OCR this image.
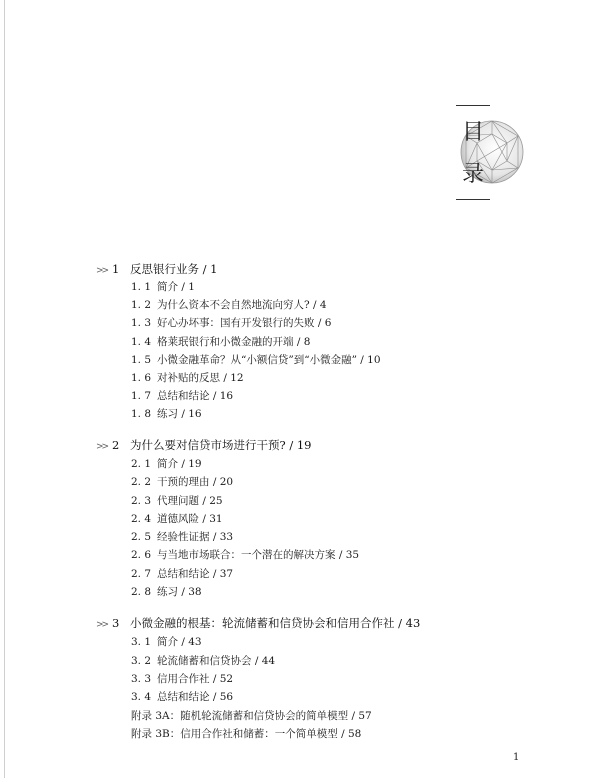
目
录
>> 1 反思银行业务 / 1
1. 1 简介 / 1
1. 2 为什么资本不会自然地流向穷人? / 4
1. 3 好心办坏事：国有开发银行的失败 / 6
1. 4 格莱珉银行和小微金融的开端 / 8
1. 5 小微金融革命？从“小额信贷”到“小微金融” / 10
1. 6 对补贴的反思 / 12
1. 7 总结和结论 / 16
1. 8 练习 / 16
>> 2 为什么要对信贷市场进行干预? / 19
2. 1 简介 / 19
2. 2 干预的理由 / 20
2. 3 代理问题 / 25
2. 4 道德风险 / 31
2. 5 经验性证据 / 33
2. 6 与当地市场联合：一个潜在的解决方案 / 35
2. 7 总结和结论 / 37
2. 8 练习 / 38
>> 3 小微金融的根基：轮流储蓄和信贷协会和信用合作社 / 43
3. 1 简介 / 43
3. 2 轮流储蓄和信贷协会 / 44
3. 3 信用合作社 / 52
3. 4 总结和结论 / 56
附录 3A：随机轮流储蓄和信贷协会的简单模型 / 57
附录 3B：信用合作社和储蓄：一个简单模型 / 58
1
